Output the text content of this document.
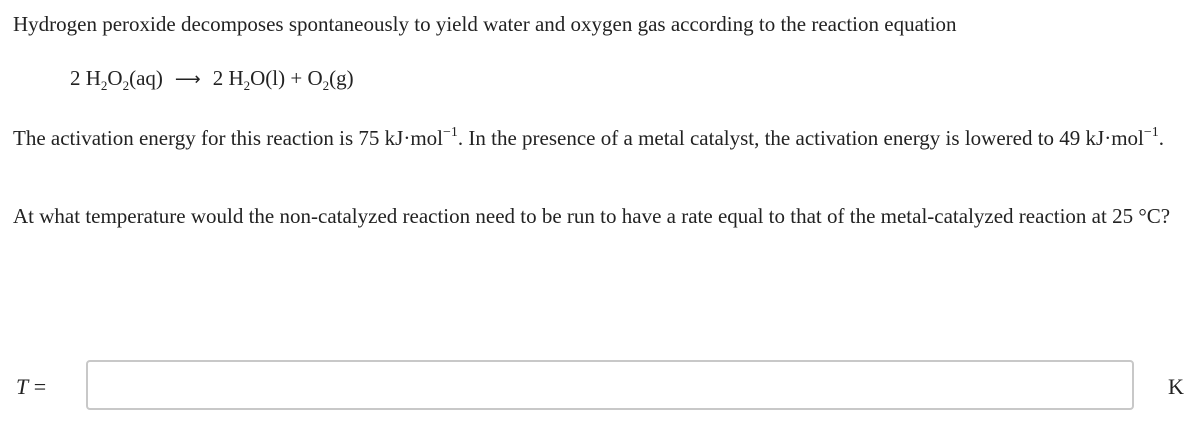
Hydrogen peroxide decomposes spontaneously to yield water and oxygen gas according to the reaction equation

2 $H_2O_2(aq)$ ⟶ 2 $H_2O(l) + O_2(g)$

The activation energy for this reaction is 75 kJ·mol$^{-1}$. In the presence of a metal catalyst, the activation energy is lowered to 49 kJ·mol$^{-1}$.

At what temperature would the non-catalyzed reaction need to be run to have a rate equal to that of the metal-catalyzed reaction at 25 °C?

T =	K
